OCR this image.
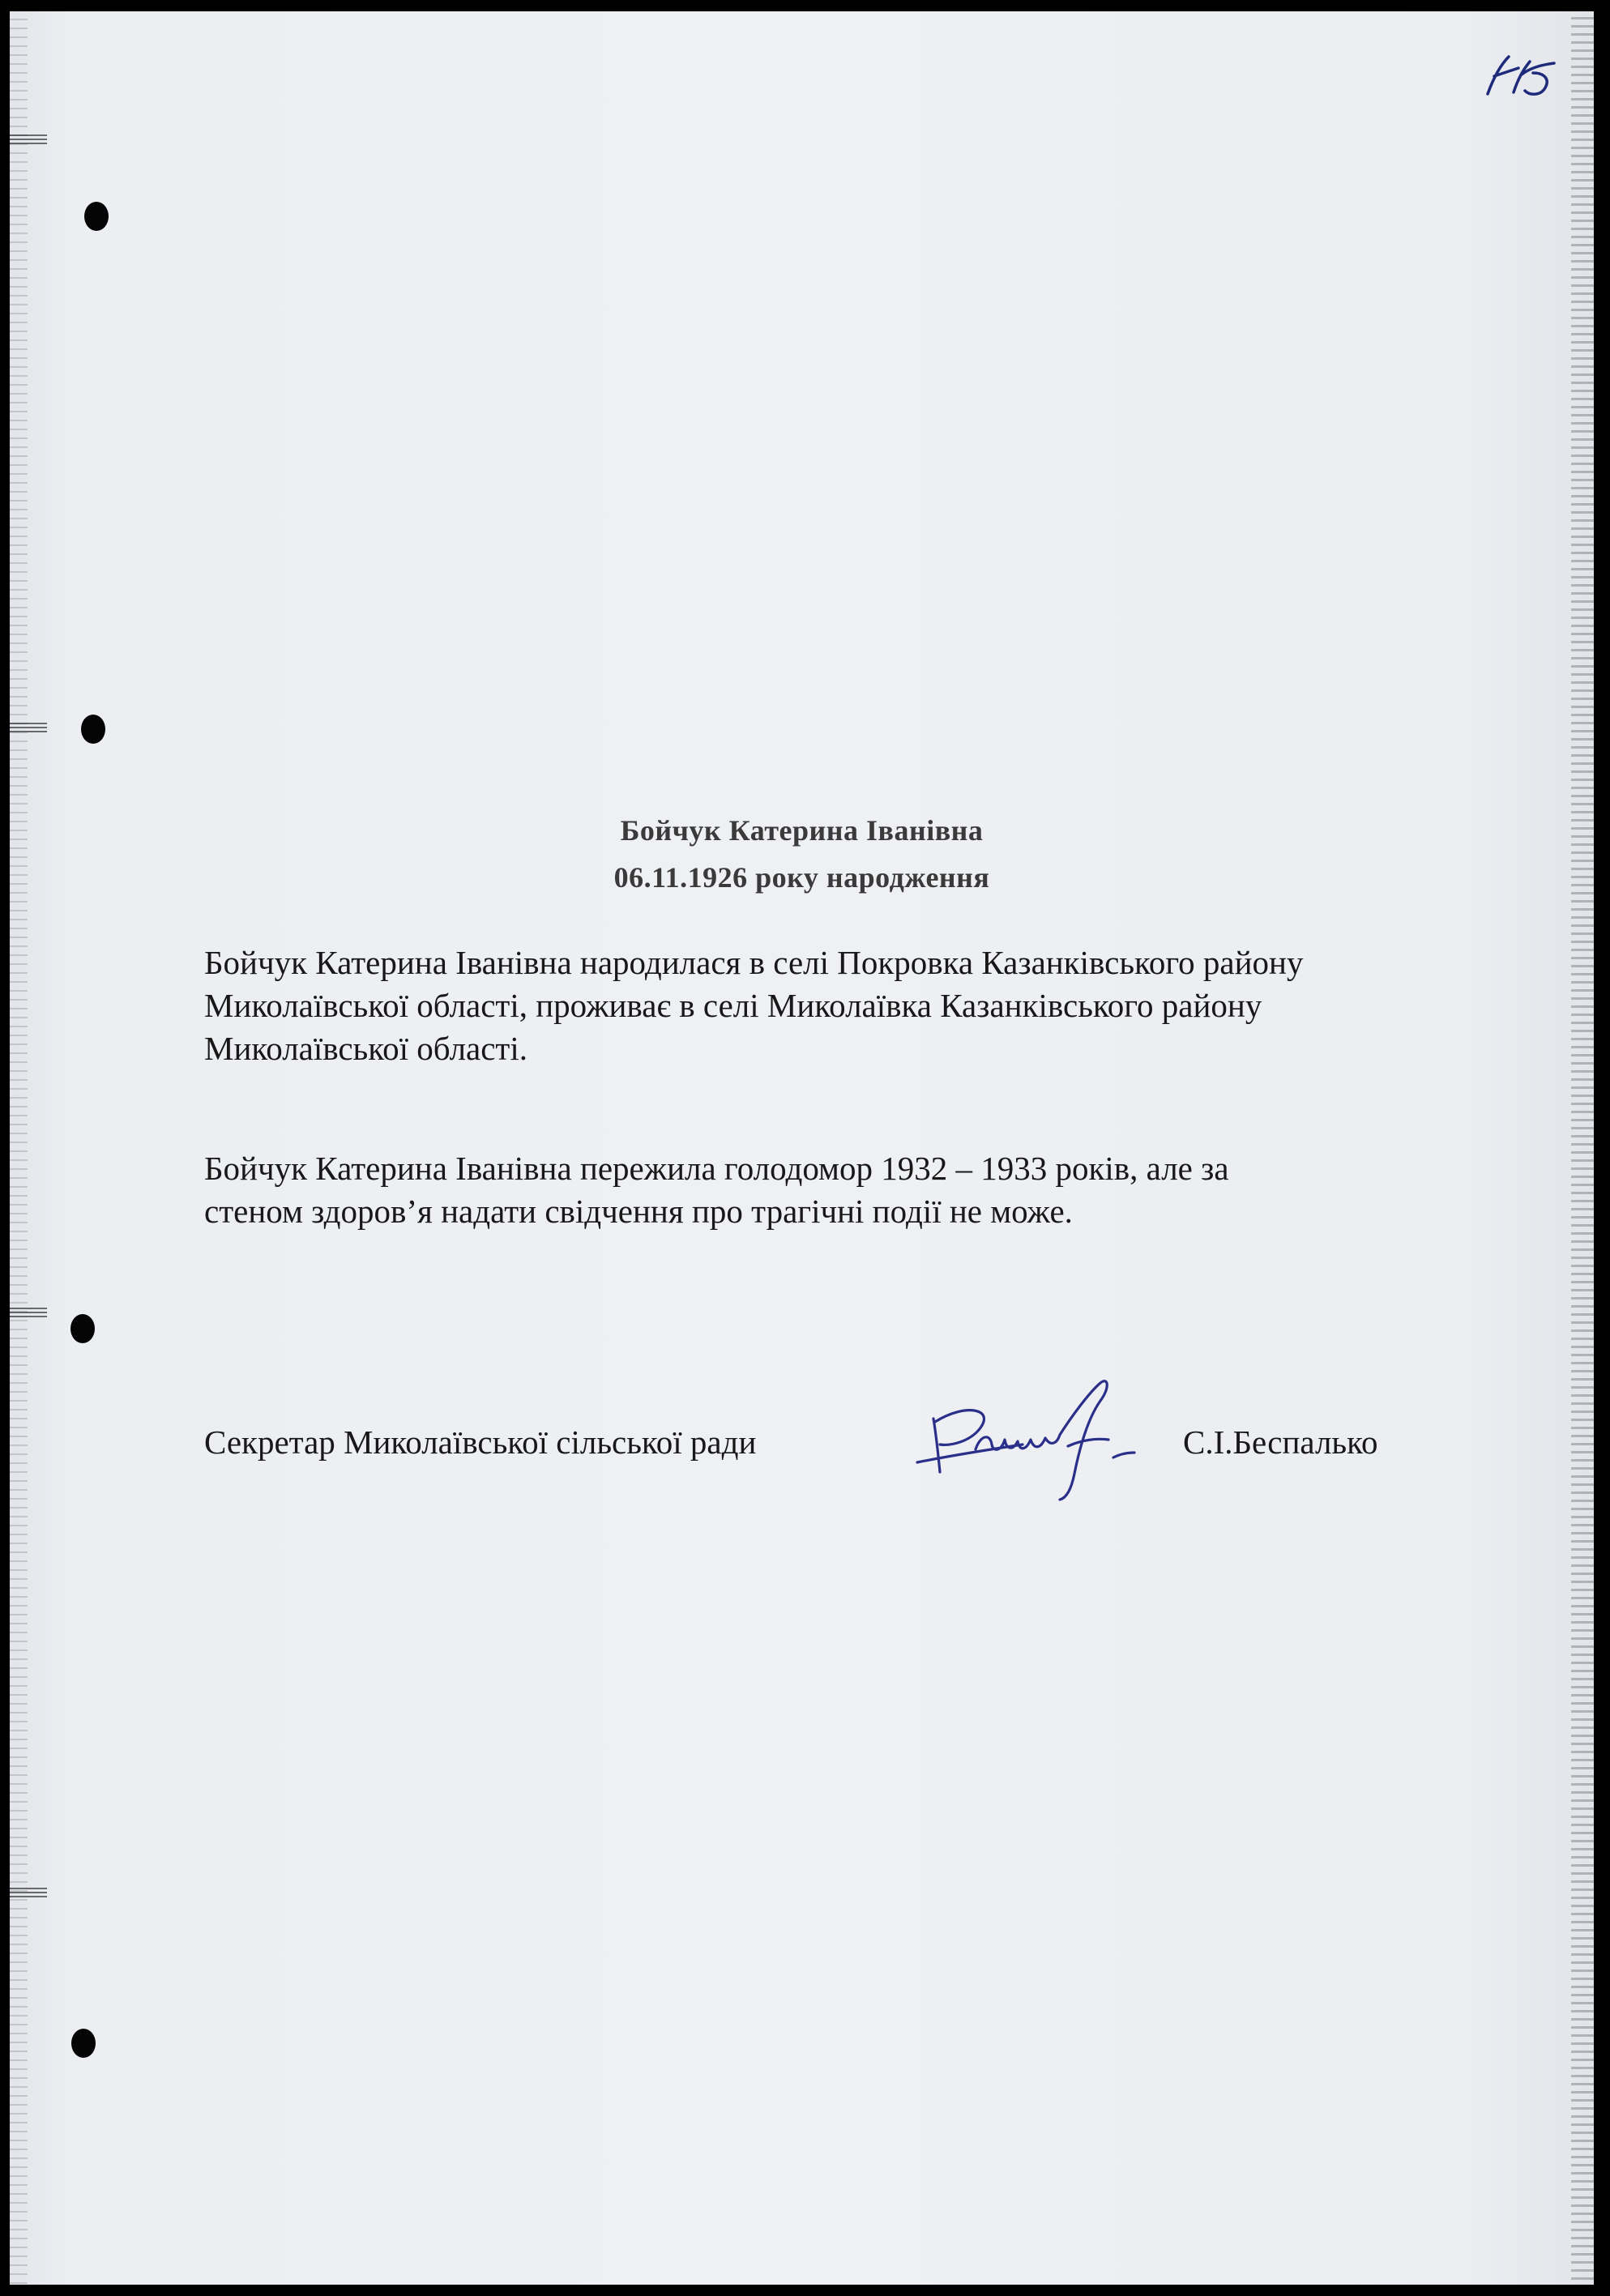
Бойчук Катерина Іванівна
06.11.1926 року народження
Бойчук Катерина Іванівна народилася в селі Покровка Казанківського району
Миколаївської області, проживає в селі Миколаївка Казанківського району
Миколаївської області.
Бойчук Катерина Іванівна пережила голодомор 1932 – 1933 років, але за
стеном здоров’я надати свідчення про трагічні події не може.
Секретар Миколаївської сільської ради	С.І.Беспалько
